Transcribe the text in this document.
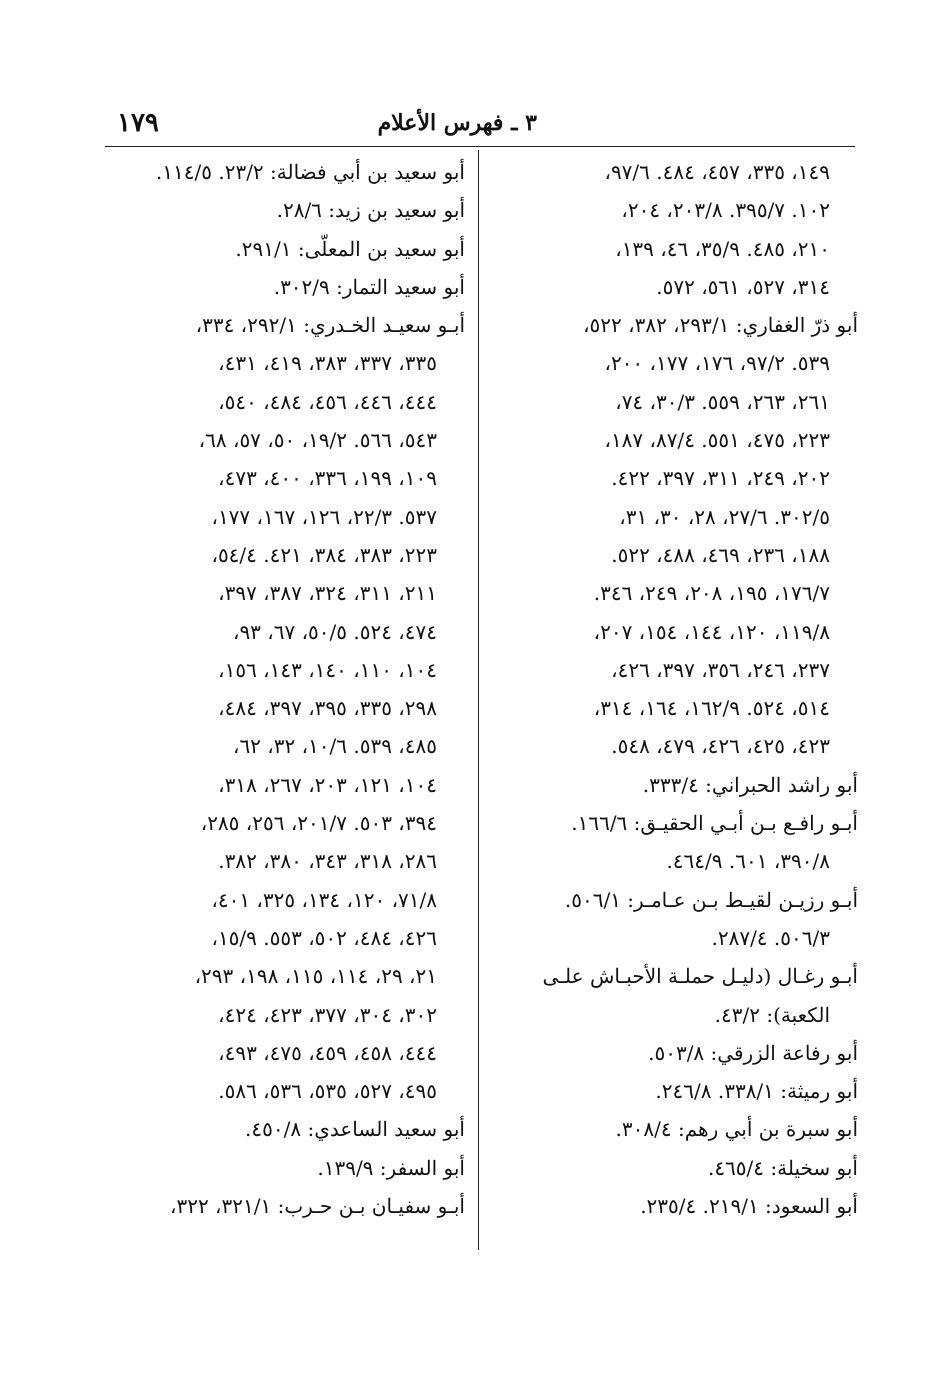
٣ ـ فهرس الأعلام
١٧٩
١٤٩، ٣٣٥، ٤٥٧، ٤٨٤. ٩٧/٦،
١٠٢. ٣٩٥/٧. ٢٠٣/٨، ٢٠٤،
٢١٠، ٤٨٥. ٣٥/٩، ٤٦، ١٣٩،
٣١٤، ٥٢٧، ٥٦١، ٥٧٢.
أبو ذرّ الغفاري: ٢٩٣/١، ٣٨٢، ٥٢٢،
٥٣٩. ٩٧/٢، ١٧٦، ١٧٧، ٢٠٠،
٢٦١، ٢٦٣، ٥٥٩. ٣٠/٣، ٧٤،
٢٢٣، ٤٧٥، ٥٥١. ٨٧/٤، ١٨٧،
٢٠٢، ٢٤٩، ٣١١، ٣٩٧، ٤٢٢.
٣٠٢/٥. ٢٧/٦، ٢٨، ٣٠، ٣١،
١٨٨، ٢٣٦، ٤٦٩، ٤٨٨، ٥٢٢.
١٧٦/٧، ١٩٥، ٢٠٨، ٢٤٩، ٣٤٦.
١١٩/٨، ١٢٠، ١٤٤، ١٥٤، ٢٠٧،
٢٣٧، ٢٤٦، ٣٥٦، ٣٩٧، ٤٢٦،
٥١٤، ٥٢٤. ١٦٢/٩، ١٦٤، ٣١٤،
٤٢٣، ٤٢٥، ٤٢٦، ٤٧٩، ٥٤٨.
أبو راشد الحبراني: ٣٣٣/٤.
أبـو رافـع بـن أبـي الحقيـق: ١٦٦/٦.
٣٩٠/٨، ٦٠١. ٤٦٤/٩.
أبـو رزيـن لقيـط بـن عـامـر: ٥٠٦/١.
٥٠٦/٣. ٢٨٧/٤.
أبـو رغـال (دليـل حملـة الأحبـاش علـى
الكعبة): ٤٣/٢.
أبو رفاعة الزرقي: ٥٠٣/٨.
أبو رميثة: ٣٣٨/١. ٢٤٦/٨.
أبو سبرة بن أبي رهم: ٣٠٨/٤.
أبو سخيلة: ٤٦٥/٤.
أبو السعود: ٢١٩/١. ٢٣٥/٤.
أبو سعيد بن أبي فضالة: ٢٣/٢. ١١٤/٥.
أبو سعيد بن زيد: ٢٨/٦.
أبو سعيد بن المعلّى: ٢٩١/١.
أبو سعيد التمار: ٣٠٢/٩.
أبـو سعيـد الخـدري: ٢٩٢/١، ٣٣٤،
٣٣٥، ٣٣٧، ٣٨٣، ٤١٩، ٤٣١،
٤٤٤، ٤٤٦، ٤٥٦، ٤٨٤، ٥٤٠،
٥٤٣، ٥٦٦. ١٩/٢، ٥٠، ٥٧، ٦٨،
١٠٩، ١٩٩، ٣٣٦، ٤٠٠، ٤٧٣،
٥٣٧. ٢٢/٣، ١٢٦، ١٦٧، ١٧٧،
٢٢٣، ٣٨٣، ٣٨٤، ٤٢١. ٥٤/٤،
٢١١، ٣١١، ٣٢٤، ٣٨٧، ٣٩٧،
٤٧٤، ٥٢٤. ٥٠/٥، ٦٧، ٩٣،
١٠٤، ١١٠، ١٤٠، ١٤٣، ١٥٦،
٢٩٨، ٣٣٥، ٣٩٥، ٣٩٧، ٤٨٤،
٤٨٥، ٥٣٩. ١٠/٦، ٣٢، ٦٢،
١٠٤، ١٢١، ٢٠٣، ٢٦٧، ٣١٨،
٣٩٤، ٥٠٣. ٢٠١/٧، ٢٥٦، ٢٨٥،
٢٨٦، ٣١٨، ٣٤٣، ٣٨٠، ٣٨٢.
٧١/٨، ١٢٠، ١٣٤، ٣٢٥، ٤٠١،
٤٢٦، ٤٨٤، ٥٠٢، ٥٥٣. ١٥/٩،
٢١، ٢٩، ١١٤، ١١٥، ١٩٨، ٢٩٣،
٣٠٢، ٣٠٤، ٣٧٧، ٤٢٣، ٤٢٤،
٤٤٤، ٤٥٨، ٤٥٩، ٤٧٥، ٤٩٣،
٤٩٥، ٥٢٧، ٥٣٥، ٥٣٦، ٥٨٦.
أبو سعيد الساعدي: ٤٥٠/٨.
أبو السفر: ١٣٩/٩.
أبـو سفيـان بـن حـرب: ٣٢١/١، ٣٢٢،
